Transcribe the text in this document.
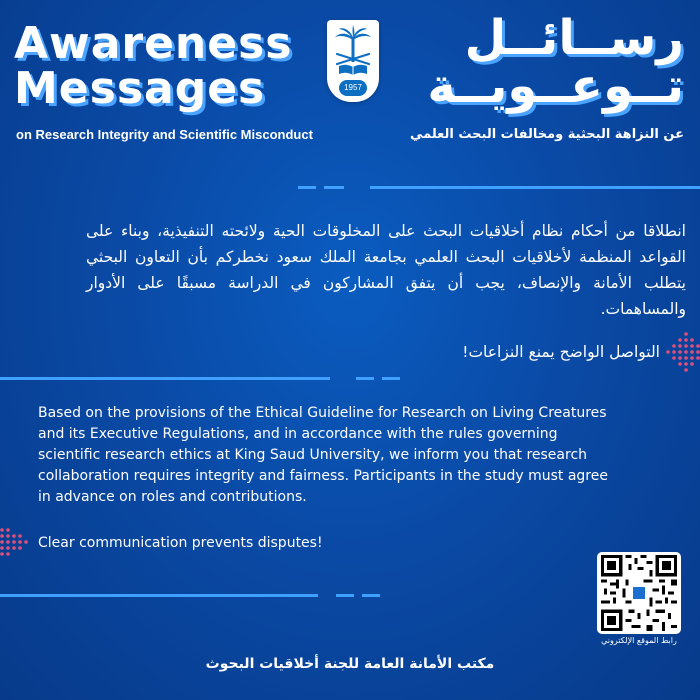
Awareness
Messages	1957
رســائــل
تــوعــويــة
on Research Integrity and Scientific Misconduct	عن النزاهة البحثية ومخالفات البحث العلمي
انطلاقا من أحكام نظام أخلاقيات البحث على المخلوقات الحية ولائحته التنفيذية، وبناء على القواعد المنظمة لأخلاقيات البحث العلمي بجامعة الملك سعود نخطركم بأن التعاون البحثي يتطلب الأمانة والإنصاف، يجب أن يتفق المشاركون في الدراسة مسبقًا على الأدوار والمساهمات.
التواصل الواضح يمنع النزاعات!
Based on the provisions of the Ethical Guideline for Research on Living Creatures and its Executive Regulations, and in accordance with the rules governing scientific research ethics at King Saud University, we inform you that research collaboration requires integrity and fairness. Participants in the study must agree in advance on roles and contributions.
Clear communication prevents disputes!
رابط الموقع الإلكتروني
مكتب الأمانة العامة للجنة أخلاقيات البحوث
